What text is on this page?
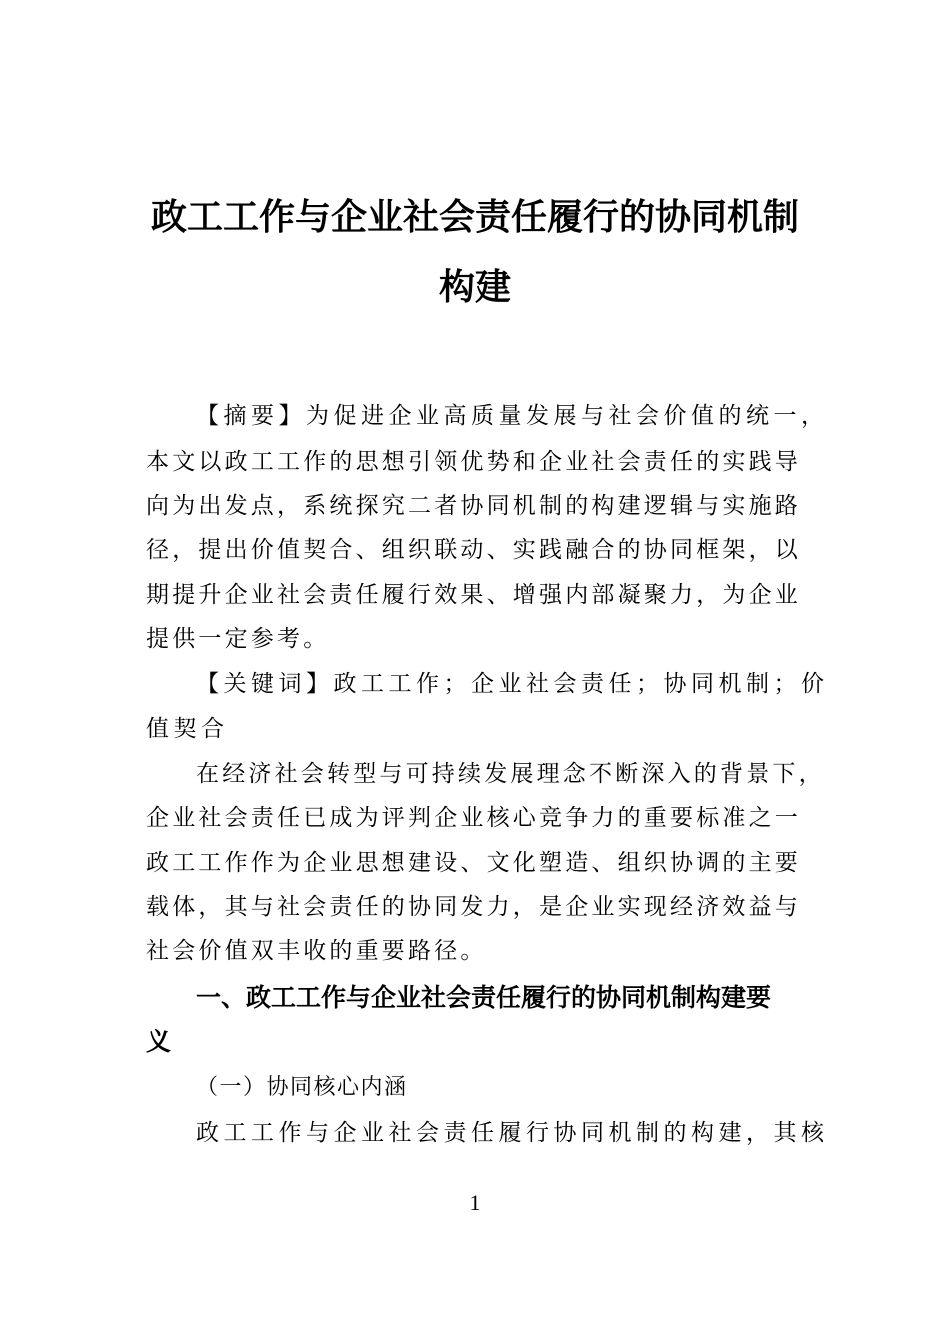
政工工作与企业社会责任履行的协同机制
构建
【摘要】为促进企业高质量发展与社会价值的统一，
本文以政工工作的思想引领优势和企业社会责任的实践导
向为出发点，系统探究二者协同机制的构建逻辑与实施路
径，提出价值契合、组织联动、实践融合的协同框架，以
期提升企业社会责任履行效果、增强内部凝聚力，为企业
提供一定参考。
【关键词】政工工作；企业社会责任；协同机制；价
值契合
在经济社会转型与可持续发展理念不断深入的背景下，
企业社会责任已成为评判企业核心竞争力的重要标准之一
政工工作作为企业思想建设、文化塑造、组织协调的主要
载体，其与社会责任的协同发力，是企业实现经济效益与
社会价值双丰收的重要路径。
一、政工工作与企业社会责任履行的协同机制构建要
义
（一）协同核心内涵
政工工作与企业社会责任履行协同机制的构建，其核
1
